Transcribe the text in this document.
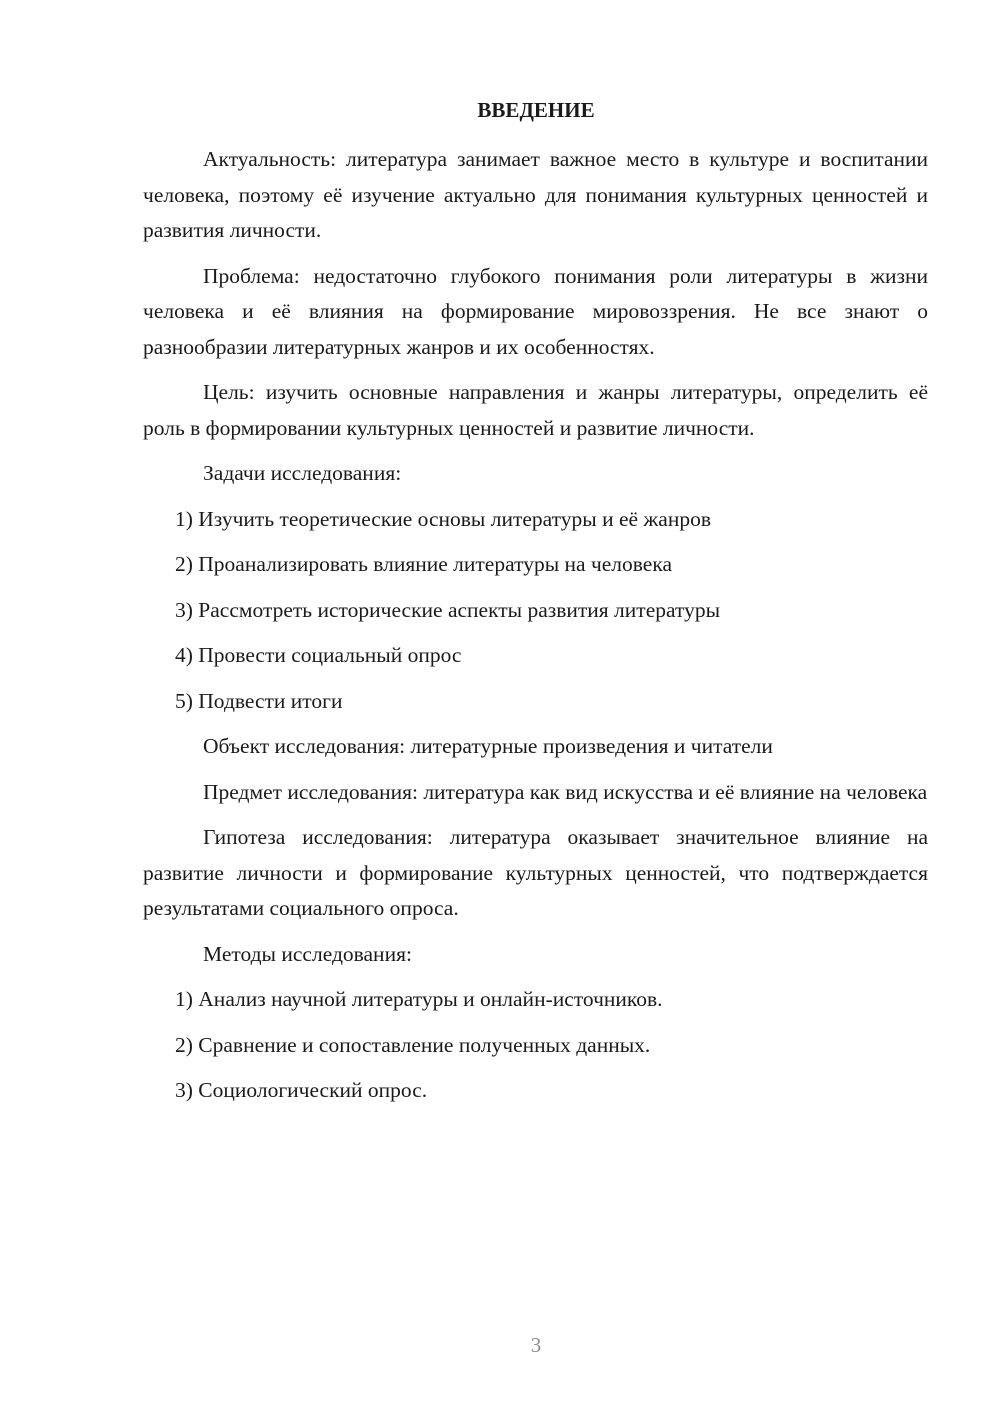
ВВЕДЕНИЕ

Актуальность: литература занимает важное место в культуре и воспитании человека, поэтому её изучение актуально для понимания культурных ценностей и развития личности.

Проблема: недостаточно глубокого понимания роли литературы в жизни человека и её влияния на формирование мировоззрения. Не все знают о разнообразии литературных жанров и их особенностях.

Цель: изучить основные направления и жанры литературы, определить её роль в формировании культурных ценностей и развитие личности.

Задачи исследования:

1) Изучить теоретические основы литературы и её жанров

2) Проанализировать влияние литературы на человека

3) Рассмотреть исторические аспекты развития литературы

4) Провести социальный опрос

5) Подвести итоги

Объект исследования: литературные произведения и читатели

Предмет исследования: литература как вид искусства и её влияние на человека

Гипотеза исследования: литература оказывает значительное влияние на развитие личности и формирование культурных ценностей, что подтверждается результатами социального опроса.

Методы исследования:

1) Анализ научной литературы и онлайн-источников.

2) Сравнение и сопоставление полученных данных.

3) Социологический опрос.

3
